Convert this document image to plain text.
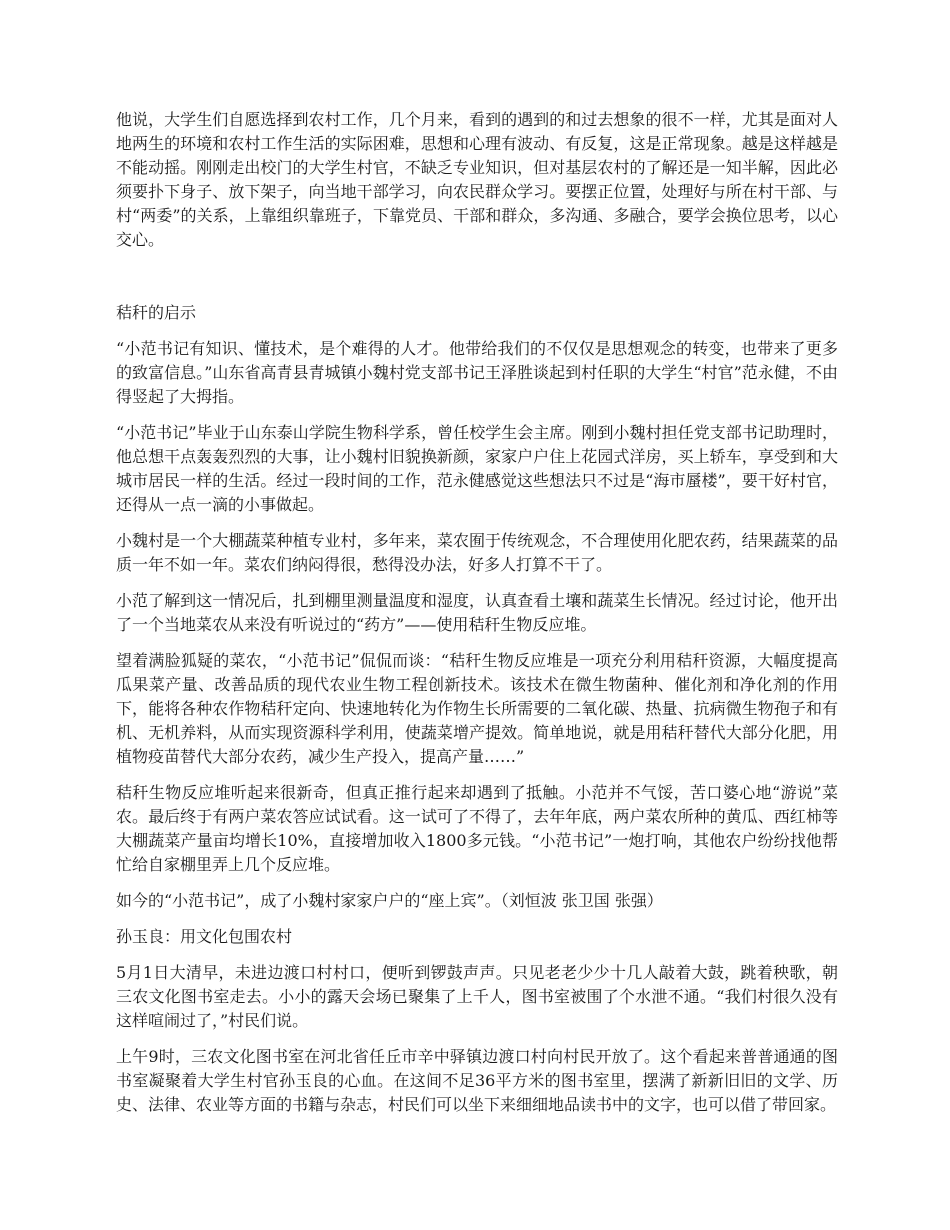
他说，大学生们自愿选择到农村工作，几个月来，看到的遇到的和过去想象的很不一样，尤其是面对人地两生的环境和农村工作生活的实际困难，思想和心理有波动、有反复，这是正常现象。越是这样越是不能动摇。刚刚走出校门的大学生村官，不缺乏专业知识，但对基层农村的了解还是一知半解，因此必须要扑下身子、放下架子，向当地干部学习，向农民群众学习。要摆正位置，处理好与所在村干部、与村“两委”的关系，上靠组织靠班子，下靠党员、干部和群众，多沟通、多融合，要学会换位思考，以心交心。

秸秆的启示

“小范书记有知识、懂技术，是个难得的人才。他带给我们的不仅仅是思想观念的转变，也带来了更多的致富信息。”山东省高青县青城镇小魏村党支部书记王泽胜谈起到村任职的大学生“村官”范永健，不由得竖起了大拇指。

“小范书记”毕业于山东泰山学院生物科学系，曾任校学生会主席。刚到小魏村担任党支部书记助理时，他总想干点轰轰烈烈的大事，让小魏村旧貌换新颜，家家户户住上花园式洋房，买上轿车，享受到和大城市居民一样的生活。经过一段时间的工作，范永健感觉这些想法只不过是“海市蜃楼”，要干好村官，还得从一点一滴的小事做起。

小魏村是一个大棚蔬菜种植专业村，多年来，菜农囿于传统观念，不合理使用化肥农药，结果蔬菜的品质一年不如一年。菜农们纳闷得很，愁得没办法，好多人打算不干了。

小范了解到这一情况后，扎到棚里测量温度和湿度，认真查看土壤和蔬菜生长情况。经过讨论，他开出了一个当地菜农从来没有听说过的“药方”——使用秸秆生物反应堆。

望着满脸狐疑的菜农，“小范书记”侃侃而谈：“秸秆生物反应堆是一项充分利用秸秆资源，大幅度提高瓜果菜产量、改善品质的现代农业生物工程创新技术。该技术在微生物菌种、催化剂和净化剂的作用下，能将各种农作物秸秆定向、快速地转化为作物生长所需要的二氧化碳、热量、抗病微生物孢子和有机、无机养料，从而实现资源科学利用，使蔬菜增产提效。简单地说，就是用秸秆替代大部分化肥，用植物疫苗替代大部分农药，减少生产投入，提高产量……”

秸秆生物反应堆听起来很新奇，但真正推行起来却遇到了抵触。小范并不气馁，苦口婆心地“游说”菜农。最后终于有两户菜农答应试试看。这一试可了不得了，去年年底，两户菜农所种的黄瓜、西红柿等大棚蔬菜产量亩均增长10%，直接增加收入1800多元钱。“小范书记”一炮打响，其他农户纷纷找他帮忙给自家棚里弄上几个反应堆。

如今的“小范书记”，成了小魏村家家户户的“座上宾”。（刘恒波 张卫国 张强）

孙玉良：用文化包围农村

5月1日大清早，未进边渡口村村口，便听到锣鼓声声。只见老老少少十几人敲着大鼓，跳着秧歌，朝三农文化图书室走去。小小的露天会场已聚集了上千人，图书室被围了个水泄不通。“我们村很久没有这样喧闹过了，”村民们说。

上午9时，三农文化图书室在河北省任丘市辛中驿镇边渡口村向村民开放了。这个看起来普普通通的图书室凝聚着大学生村官孙玉良的心血。在这间不足36平方米的图书室里，摆满了新新旧旧的文学、历史、法律、农业等方面的书籍与杂志，村民们可以坐下来细细地品读书中的文字，也可以借了带回家。
